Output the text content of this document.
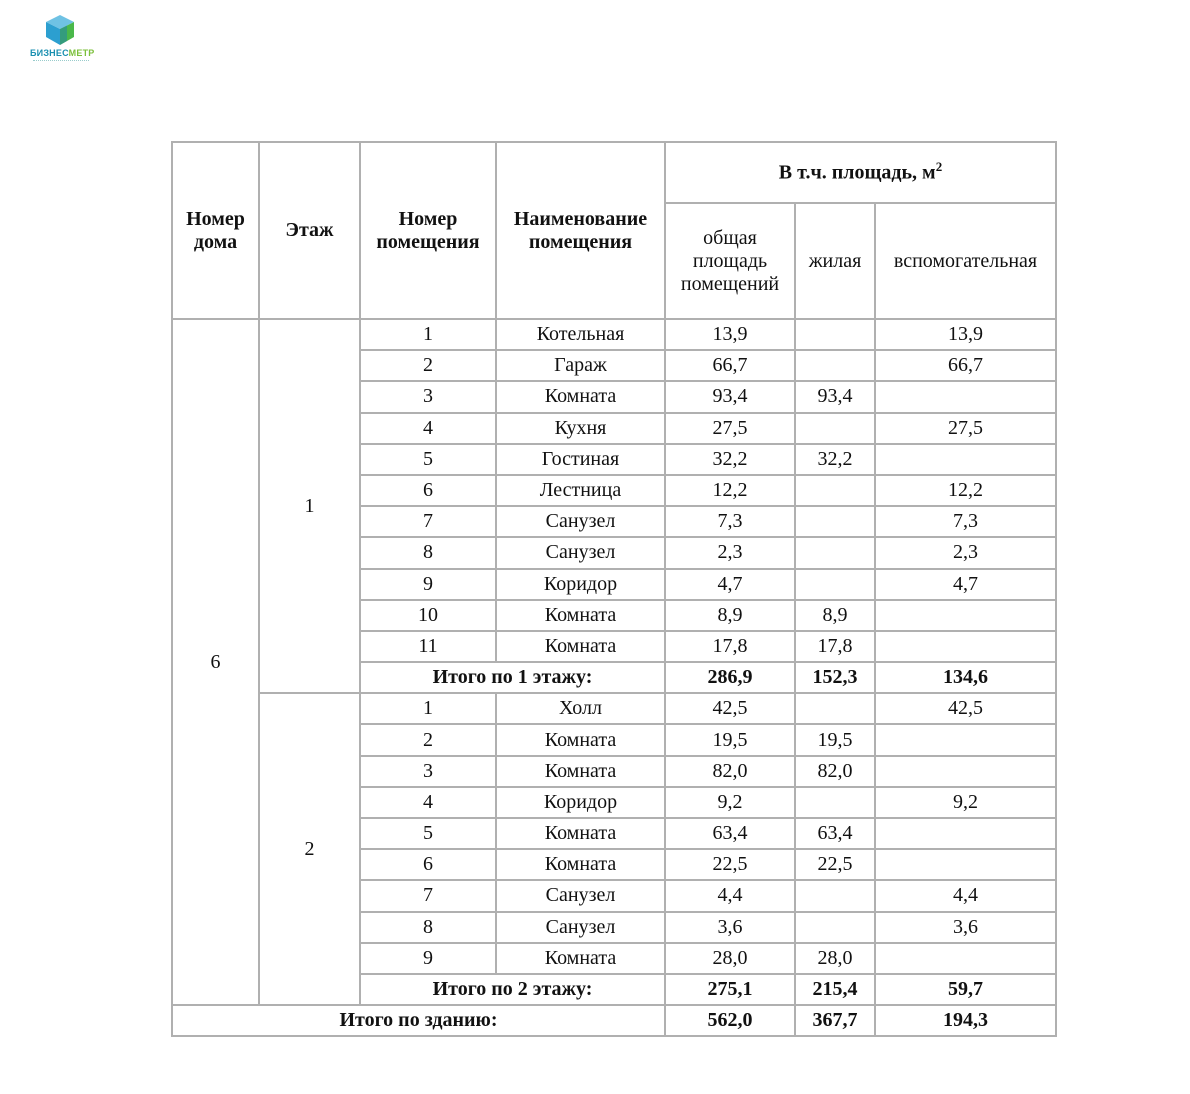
БИЗНЕСМЕТР
Номер дома	Этаж	Номер помещения	Наименование помещения	В т.ч. площадь, $м^2$
				общая площадь помещений	жилая	вспомогательная
6	1	1	Котельная	13,9		13,9
		2	Гараж	66,7		66,7
		3	Комната	93,4	93,4	
		4	Кухня	27,5		27,5
		5	Гостиная	32,2	32,2	
		6	Лестница	12,2		12,2
		7	Санузел	7,3		7,3
		8	Санузел	2,3		2,3
		9	Коридор	4,7		4,7
		10	Комната	8,9	8,9	
		11	Комната	17,8	17,8	
		Итого по 1 этажу:		286,9	152,3	134,6
	2	1	Холл	42,5		42,5
		2	Комната	19,5	19,5	
		3	Комната	82,0	82,0	
		4	Коридор	9,2		9,2
		5	Комната	63,4	63,4	
		6	Комната	22,5	22,5	
		7	Санузел	4,4		4,4
		8	Санузел	3,6		3,6
		9	Комната	28,0	28,0	
		Итого по 2 этажу:		275,1	215,4	59,7
Итого по зданию:				562,0	367,7	194,3
